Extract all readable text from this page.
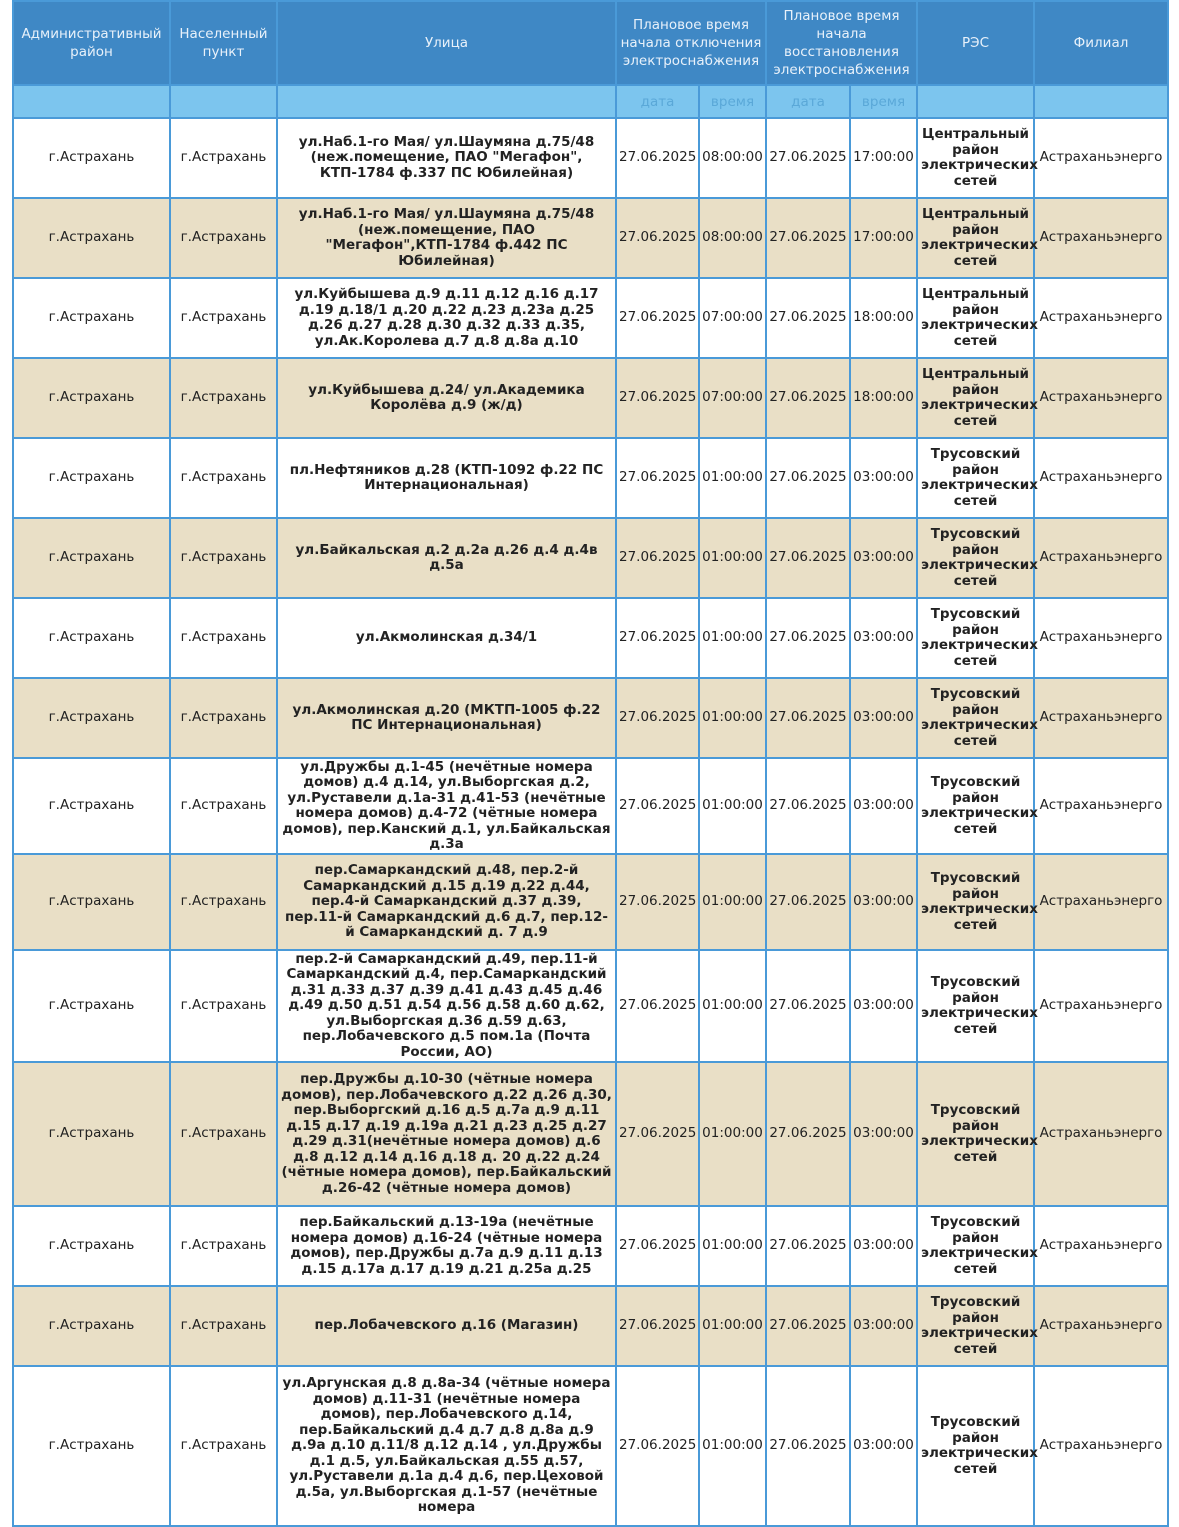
Административный район	Населенный пункт	Улица	Плановое время начала отключения электроснабжения	Плановое время начала восстановления электроснабжения	РЭС	Филиал
			дата	время	дата	время		
г.Астрахань	г.Астрахань	ул.Наб.1-го Мая/ ул.Шаумяна д.75/48 (неж.помещение, ПАО "Мегафон", КТП-1784 ф.337 ПС Юбилейная)	27.06.2025	08:00:00	27.06.2025	17:00:00	Центральный район электрических сетей	Астраханьэнерго
г.Астрахань	г.Астрахань	ул.Наб.1-го Мая/ ул.Шаумяна д.75/48 (неж.помещение, ПАО "Мегафон",КТП-1784 ф.442 ПС Юбилейная)	27.06.2025	08:00:00	27.06.2025	17:00:00	Центральный район электрических сетей	Астраханьэнерго
г.Астрахань	г.Астрахань	ул.Куйбышева д.9 д.11 д.12 д.16 д.17 д.19 д.18/1 д.20 д.22 д.23 д.23а д.25 д.26 д.27 д.28 д.30 д.32 д.33 д.35, ул.Ак.Королева д.7 д.8 д.8а д.10	27.06.2025	07:00:00	27.06.2025	18:00:00	Центральный район электрических сетей	Астраханьэнерго
г.Астрахань	г.Астрахань	ул.Куйбышева д.24/ ул.Академика Королёва д.9 (ж/д)	27.06.2025	07:00:00	27.06.2025	18:00:00	Центральный район электрических сетей	Астраханьэнерго
г.Астрахань	г.Астрахань	пл.Нефтяников д.28 (КТП-1092 ф.22 ПС Интернациональная)	27.06.2025	01:00:00	27.06.2025	03:00:00	Трусовский район электрических сетей	Астраханьэнерго
г.Астрахань	г.Астрахань	ул.Байкальская д.2 д.2а д.26 д.4 д.4в д.5а	27.06.2025	01:00:00	27.06.2025	03:00:00	Трусовский район электрических сетей	Астраханьэнерго
г.Астрахань	г.Астрахань	ул.Акмолинская д.34/1	27.06.2025	01:00:00	27.06.2025	03:00:00	Трусовский район электрических сетей	Астраханьэнерго
г.Астрахань	г.Астрахань	ул.Акмолинская д.20 (МКТП-1005 ф.22 ПС Интернациональная)	27.06.2025	01:00:00	27.06.2025	03:00:00	Трусовский район электрических сетей	Астраханьэнерго
г.Астрахань	г.Астрахань	ул.Дружбы д.1-45 (нечётные номера домов) д.4 д.14, ул.Выборгская д.2, ул.Руставели д.1а-31 д.41-53 (нечётные номера домов) д.4-72 (чётные номера домов), пер.Канский д.1, ул.Байкальская д.3а	27.06.2025	01:00:00	27.06.2025	03:00:00	Трусовский район электрических сетей	Астраханьэнерго
г.Астрахань	г.Астрахань	пер.Самаркандский д.48, пер.2-й Самаркандский д.15 д.19 д.22 д.44, пер.4-й Самаркандский д.37 д.39, пер.11-й Самаркандский д.6 д.7, пер.12-й Самаркандский д. 7 д.9	27.06.2025	01:00:00	27.06.2025	03:00:00	Трусовский район электрических сетей	Астраханьэнерго
г.Астрахань	г.Астрахань	пер.2-й Самаркандский д.49, пер.11-й Самаркандский д.4, пер.Самаркандский д.31 д.33 д.37 д.39 д.41 д.43 д.45 д.46 д.49 д.50 д.51 д.54 д.56 д.58 д.60 д.62, ул.Выборгская д.36 д.59 д.63, пер.Лобачевского д.5 пом.1а (Почта России, АО)	27.06.2025	01:00:00	27.06.2025	03:00:00	Трусовский район электрических сетей	Астраханьэнерго
г.Астрахань	г.Астрахань	пер.Дружбы д.10-30 (чётные номера домов), пер.Лобачевского д.22 д.26 д.30, пер.Выборгский д.16 д.5 д.7а д.9 д.11 д.15 д.17 д.19 д.19а д.21 д.23 д.25 д.27 д.29 д.31(нечётные номера домов) д.6 д.8 д.12 д.14 д.16 д.18 д. 20 д.22 д.24 (чётные номера домов), пер.Байкальский д.26-42 (чётные номера домов)	27.06.2025	01:00:00	27.06.2025	03:00:00	Трусовский район электрических сетей	Астраханьэнерго
г.Астрахань	г.Астрахань	пер.Байкальский д.13-19а (нечётные номера домов) д.16-24 (чётные номера домов), пер.Дружбы д.7а д.9 д.11 д.13 д.15 д.17а д.17 д.19 д.21 д.25а д.25	27.06.2025	01:00:00	27.06.2025	03:00:00	Трусовский район электрических сетей	Астраханьэнерго
г.Астрахань	г.Астрахань	пер.Лобачевского д.16 (Магазин)	27.06.2025	01:00:00	27.06.2025	03:00:00	Трусовский район электрических сетей	Астраханьэнерго
г.Астрахань	г.Астрахань	ул.Аргунская д.8 д.8а-34 (чётные номера домов) д.11-31 (нечётные номера домов), пер.Лобачевского д.14, пер.Байкальский д.4 д.7 д.8 д.8а д.9 д.9а д.10 д.11/8 д.12 д.14 , ул.Дружбы д.1 д.5, ул.Байкальская д.55 д.57, ул.Руставели д.1а д.4 д.6, пер.Цеховой д.5а, ул.Выборгская д.1-57 (нечётные номера	27.06.2025	01:00:00	27.06.2025	03:00:00	Трусовский район электрических сетей	Астраханьэнерго
